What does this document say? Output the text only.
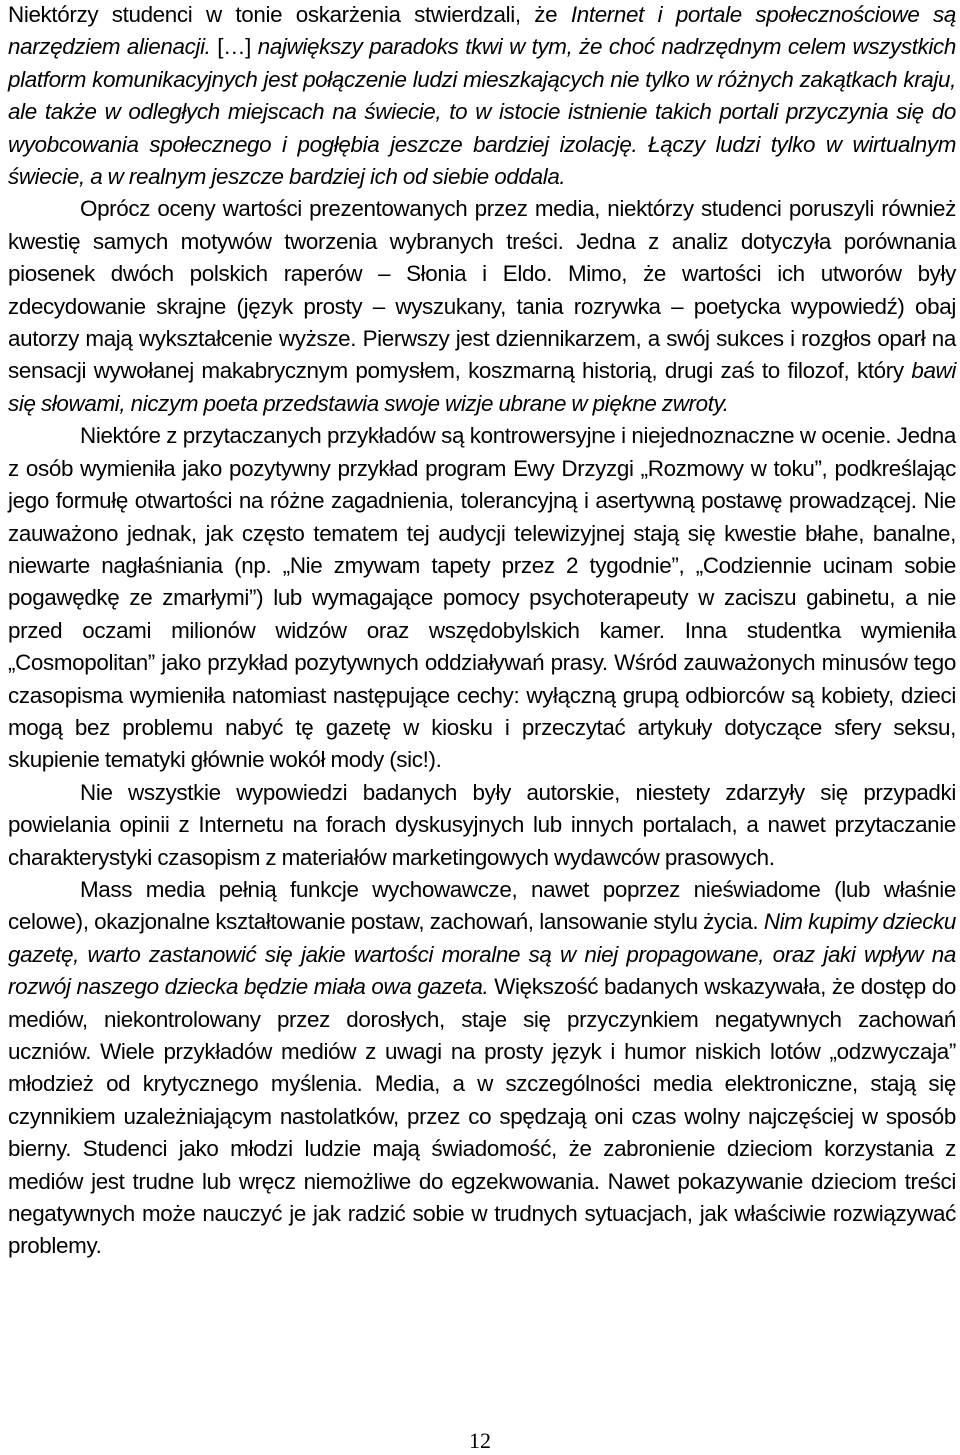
Niektórzy studenci w tonie oskarżenia stwierdzali, że Internet i portale społecznościowe są narzędziem alienacji. […] największy paradoks tkwi w tym, że choć nadrzędnym celem wszystkich platform komunikacyjnych jest połączenie ludzi mieszkających nie tylko w różnych zakątkach kraju, ale także w odległych miejscach na świecie, to w istocie istnienie takich portali przyczynia się do wyobcowania społecznego i pogłębia jeszcze bardziej izolację. Łączy ludzi tylko w wirtualnym świecie, a w realnym jeszcze bardziej ich od siebie oddala.

Oprócz oceny wartości prezentowanych przez media, niektórzy studenci poruszyli również kwestię samych motywów tworzenia wybranych treści. Jedna z analiz dotyczyła porównania piosenek dwóch polskich raperów – Słonia i Eldo. Mimo, że wartości ich utworów były zdecydowanie skrajne (język prosty – wyszukany, tania rozrywka – poetycka wypowiedź) obaj autorzy mają wykształcenie wyższe. Pierwszy jest dziennikarzem, a swój sukces i rozgłos oparł na sensacji wywołanej makabrycznym pomysłem, koszmarną historią, drugi zaś to filozof, który bawi się słowami, niczym poeta przedstawia swoje wizje ubrane w piękne zwroty.

Niektóre z przytaczanych przykładów są kontrowersyjne i niejednoznaczne w ocenie. Jedna z osób wymieniła jako pozytywny przykład program Ewy Drzyzgi „Rozmowy w toku”, podkreślając jego formułę otwartości na różne zagadnienia, tolerancyjną i asertywną postawę prowadzącej. Nie zauważono jednak, jak często tematem tej audycji telewizyjnej stają się kwestie błahe, banalne, niewarte nagłaśniania (np. „Nie zmywam tapety przez 2 tygodnie”, „Codziennie ucinam sobie pogawędkę ze zmarłymi”) lub wymagające pomocy psychoterapeuty w zaciszu gabinetu, a nie przed oczami milionów widzów oraz wszędobylskich kamer. Inna studentka wymieniła „Cosmopolitan” jako przykład pozytywnych oddziaływań prasy. Wśród zauważonych minusów tego czasopisma wymieniła natomiast następujące cechy: wyłączną grupą odbiorców są kobiety, dzieci mogą bez problemu nabyć tę gazetę w kiosku i przeczytać artykuły dotyczące sfery seksu, skupienie tematyki głównie wokół mody (sic!).

Nie wszystkie wypowiedzi badanych były autorskie, niestety zdarzyły się przypadki powielania opinii z Internetu na forach dyskusyjnych lub innych portalach, a nawet przytaczanie charakterystyki czasopism z materiałów marketingowych wydawców prasowych.

Mass media pełnią funkcje wychowawcze, nawet poprzez nieświadome (lub właśnie celowe), okazjonalne kształtowanie postaw, zachowań, lansowanie stylu życia. Nim kupimy dziecku gazetę, warto zastanowić się jakie wartości moralne są w niej propagowane, oraz jaki wpływ na rozwój naszego dziecka będzie miała owa gazeta. Większość badanych wskazywała, że dostęp do mediów, niekontrolowany przez dorosłych, staje się przyczynkiem negatywnych zachowań uczniów. Wiele przykładów mediów z uwagi na prosty język i humor niskich lotów „odzwyczaja” młodzież od krytycznego myślenia. Media, a w szczególności media elektroniczne, stają się czynnikiem uzależniającym nastolatków, przez co spędzają oni czas wolny najczęściej w sposób bierny. Studenci jako młodzi ludzie mają świadomość, że zabronienie dzieciom korzystania z mediów jest trudne lub wręcz niemożliwe do egzekwowania. Nawet pokazywanie dzieciom treści negatywnych może nauczyć je jak radzić sobie w trudnych sytuacjach, jak właściwie rozwiązywać problemy.

12
